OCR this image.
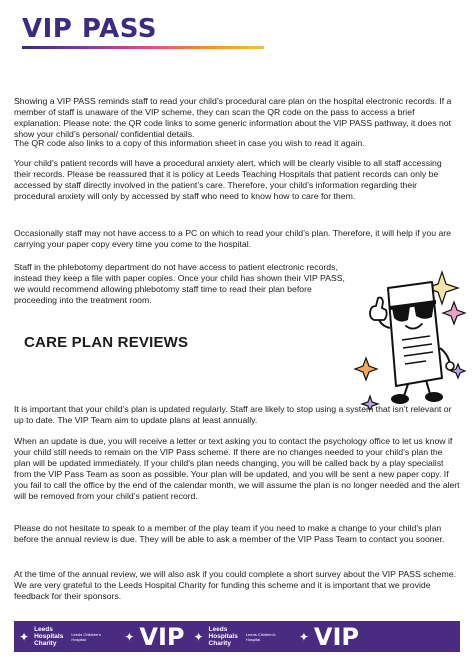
VIP PASS

Showing a VIP PASS reminds staff to read your child’s procedural care plan on the hospital electronic records. If a member of staff is unaware of the VIP scheme, they can scan the QR code on the pass to access a brief explanation. Please note: the QR code links to some generic information about the VIP PASS pathway, it does not show your child’s personal/ confidential details.

The QR code also links to a copy of this information sheet in case you wish to read it again.

Your child’s patient records will have a procedural anxiety alert, which will be clearly visible to all staff accessing their records. Please be reassured that it is policy at Leeds Teaching Hospitals that patient records can only be accessed by staff directly involved in the patient’s care. Therefore, your child’s information regarding their procedural anxiety will only by accessed by staff who need to know how to care for them.

Occasionally staff may not have access to a PC on which to read your child’s plan. Therefore, it will help if you are carrying your paper copy every time you come to the hospital.

Staff in the phlebotomy department do not have access to patient electronic records, instead they keep a file with paper copies. Once your child has shown their VIP PASS, we would recommend allowing phlebotomy staff time to read their plan before proceeding into the treatment room.

CARE PLAN REVIEWS

It is important that your child’s plan is updated regularly. Staff are likely to stop using a system that isn’t relevant or up to date. The VIP Team aim to update plans at least annually.

When an update is due, you will receive a letter or text asking you to contact the psychology office to let us know if your child still needs to remain on the VIP Pass scheme. If there are no changes needed to your child’s plan the plan will be updated immediately. If your child’s plan needs changing, you will be called back by a play specialist from the VIP Pass Team as soon as possible. Your plan will be updated, and you will be sent a new paper copy. If you fail to call the office by the end of the calendar month, we will assume the plan is no longer needed and the alert will be removed from your child’s patient record.

Please do not hesitate to speak to a member of the play team if you need to make a change to your child’s plan before the annual review is due. They will be able to ask a member of the VIP Pass Team to contact you sooner.

At the time of the annual review, we will also ask if you could complete a short survey about the VIP PASS scheme. We are very grateful to the Leeds Hospital Charity for funding this scheme and it is important that we provide feedback for their sponsors.

✦ Leeds
Hospitals
Charity
Leeds Children’s
Hospital	✦ VIP ✦ Leeds
Hospitals
Charity
Leeds Children’s
Hospital	✦ VIP
